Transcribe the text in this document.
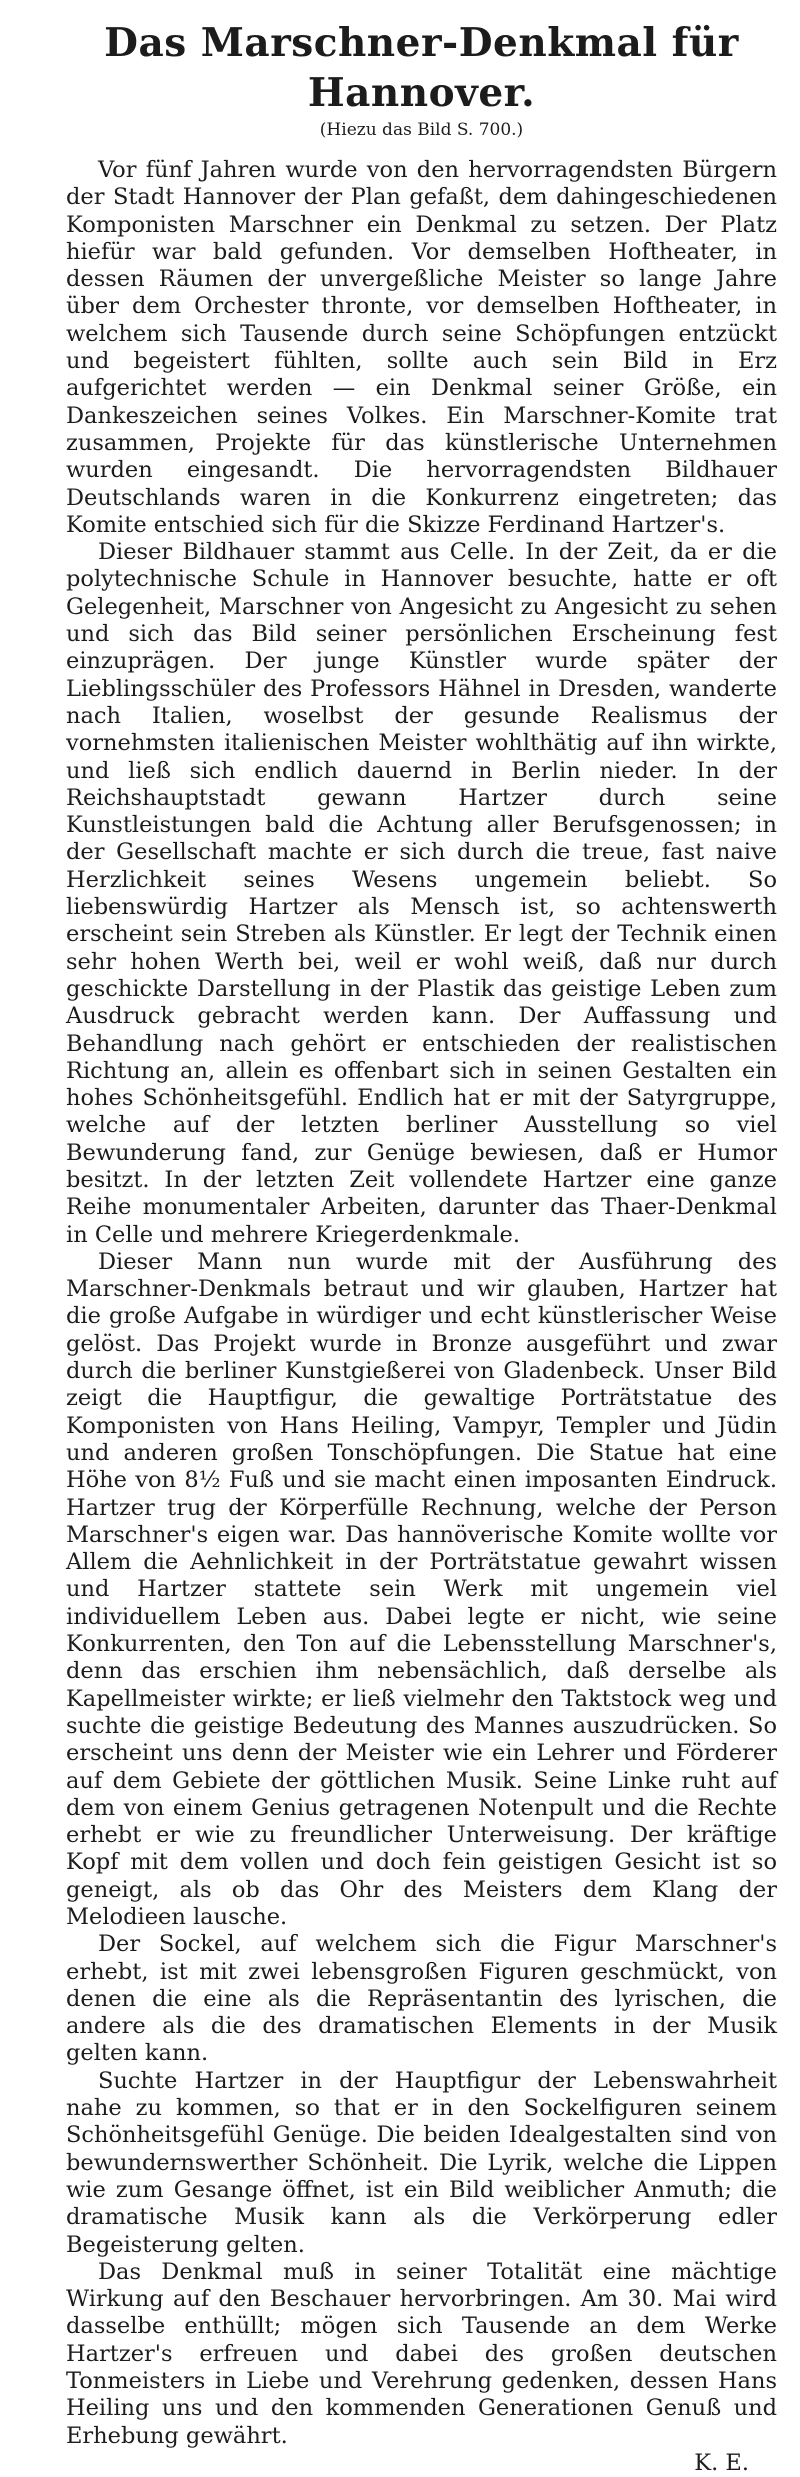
Das Marschner-Denkmal für Hannover.

(Hiezu das Bild S. 700.)

Vor fünf Jahren wurde von den hervorragendsten Bürgern der Stadt Hannover der Plan gefaßt, dem dahingeschiedenen Komponisten Marschner ein Denkmal zu setzen. Der Platz hiefür war bald gefunden. Vor demselben Hoftheater, in dessen Räumen der unvergeßliche Meister so lange Jahre über dem Orchester thronte, vor demselben Hoftheater, in welchem sich Tausende durch seine Schöpfungen entzückt und begeistert fühlten, sollte auch sein Bild in Erz aufgerichtet werden — ein Denkmal seiner Größe, ein Dankeszeichen seines Volkes. Ein Marschner-Komite trat zusammen, Projekte für das künstlerische Unternehmen wurden eingesandt. Die hervorragendsten Bildhauer Deutschlands waren in die Konkurrenz eingetreten; das Komite entschied sich für die Skizze Ferdinand Hartzer's.

Dieser Bildhauer stammt aus Celle. In der Zeit, da er die polytechnische Schule in Hannover besuchte, hatte er oft Gelegenheit, Marschner von Angesicht zu Angesicht zu sehen und sich das Bild seiner persönlichen Erscheinung fest einzuprägen. Der junge Künstler wurde später der Lieblingsschüler des Professors Hähnel in Dresden, wanderte nach Italien, woselbst der gesunde Realismus der vornehmsten italienischen Meister wohlthätig auf ihn wirkte, und ließ sich endlich dauernd in Berlin nieder. In der Reichshauptstadt gewann Hartzer durch seine Kunstleistungen bald die Achtung aller Berufsgenossen; in der Gesellschaft machte er sich durch die treue, fast naive Herzlichkeit seines Wesens ungemein beliebt. So liebenswürdig Hartzer als Mensch ist, so achtenswerth erscheint sein Streben als Künstler. Er legt der Technik einen sehr hohen Werth bei, weil er wohl weiß, daß nur durch geschickte Darstellung in der Plastik das geistige Leben zum Ausdruck gebracht werden kann. Der Auffassung und Behandlung nach gehört er entschieden der realistischen Richtung an, allein es offenbart sich in seinen Gestalten ein hohes Schönheitsgefühl. Endlich hat er mit der Satyrgruppe, welche auf der letzten berliner Ausstellung so viel Bewunderung fand, zur Genüge bewiesen, daß er Humor besitzt. In der letzten Zeit vollendete Hartzer eine ganze Reihe monumentaler Arbeiten, darunter das Thaer-Denkmal in Celle und mehrere Kriegerdenkmale.

Dieser Mann nun wurde mit der Ausführung des Marschner-Denkmals betraut und wir glauben, Hartzer hat die große Aufgabe in würdiger und echt künstlerischer Weise gelöst. Das Projekt wurde in Bronze ausgeführt und zwar durch die berliner Kunstgießerei von Gladenbeck. Unser Bild zeigt die Hauptfigur, die gewaltige Porträtstatue des Komponisten von Hans Heiling, Vampyr, Templer und Jüdin und anderen großen Tonschöpfungen. Die Statue hat eine Höhe von 8½ Fuß und sie macht einen imposanten Eindruck. Hartzer trug der Körperfülle Rechnung, welche der Person Marschner's eigen war. Das hannöverische Komite wollte vor Allem die Aehnlichkeit in der Porträtstatue gewahrt wissen und Hartzer stattete sein Werk mit ungemein viel individuellem Leben aus. Dabei legte er nicht, wie seine Konkurrenten, den Ton auf die Lebensstellung Marschner's, denn das erschien ihm nebensächlich, daß derselbe als Kapellmeister wirkte; er ließ vielmehr den Taktstock weg und suchte die geistige Bedeutung des Mannes auszudrücken. So erscheint uns denn der Meister wie ein Lehrer und Förderer auf dem Gebiete der göttlichen Musik. Seine Linke ruht auf dem von einem Genius getragenen Notenpult und die Rechte erhebt er wie zu freundlicher Unterweisung. Der kräftige Kopf mit dem vollen und doch fein geistigen Gesicht ist so geneigt, als ob das Ohr des Meisters dem Klang der Melodieen lausche.

Der Sockel, auf welchem sich die Figur Marschner's erhebt, ist mit zwei lebensgroßen Figuren geschmückt, von denen die eine als die Repräsentantin des lyrischen, die andere als die des dramatischen Elements in der Musik gelten kann.

Suchte Hartzer in der Hauptfigur der Lebenswahrheit nahe zu kommen, so that er in den Sockelfiguren seinem Schönheitsgefühl Genüge. Die beiden Idealgestalten sind von bewundernswerther Schönheit. Die Lyrik, welche die Lippen wie zum Gesange öffnet, ist ein Bild weiblicher Anmuth; die dramatische Musik kann als die Verkörperung edler Begeisterung gelten.

Das Denkmal muß in seiner Totalität eine mächtige Wirkung auf den Beschauer hervorbringen. Am 30. Mai wird dasselbe enthüllt; mögen sich Tausende an dem Werke Hartzer's erfreuen und dabei des großen deutschen Tonmeisters in Liebe und Verehrung gedenken, dessen Hans Heiling uns und den kommenden Generationen Genuß und Erhebung gewährt.

K. E.
